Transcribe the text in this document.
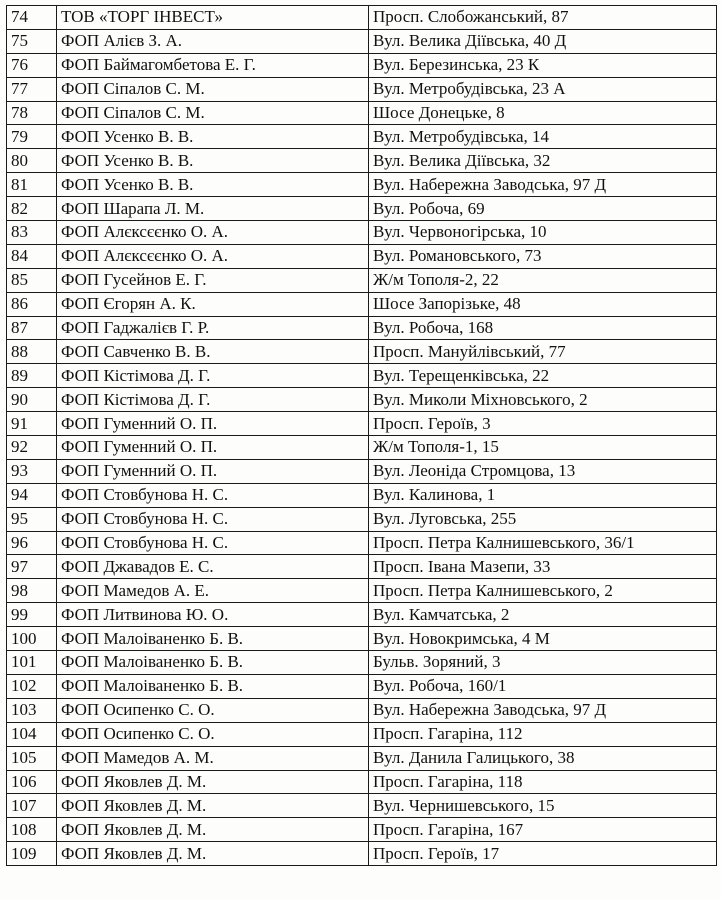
74	ТОВ «ТОРГ ІНВЕСТ»	Просп. Слобожанський, 87
75	ФОП Алієв З. А.	Вул. Велика Діївська, 40 Д
76	ФОП Баймагомбетова Е. Г.	Вул. Березинська, 23 К
77	ФОП Сіпалов С. М.	Вул. Метробудівська, 23 А
78	ФОП Сіпалов С. М.	Шосе Донецьке, 8
79	ФОП Усенко В. В.	Вул. Метробудівська, 14
80	ФОП Усенко В. В.	Вул. Велика Діївська, 32
81	ФОП Усенко В. В.	Вул. Набережна Заводська, 97 Д
82	ФОП Шарапа Л. М.	Вул. Робоча, 69
83	ФОП Алєксєєнко О. А.	Вул. Червоногірська, 10
84	ФОП Алєксєєнко О. А.	Вул. Романовського, 73
85	ФОП Гусейнов Е. Г.	Ж/м Тополя-2, 22
86	ФОП Єгорян А. К.	Шосе Запорізьке, 48
87	ФОП Гаджалієв Г. Р.	Вул. Робоча, 168
88	ФОП Савченко В. В.	Просп. Мануйлівський, 77
89	ФОП Кістімова Д. Г.	Вул. Терещенківська, 22
90	ФОП Кістімова Д. Г.	Вул. Миколи Міхновського, 2
91	ФОП Гуменний О. П.	Просп. Героїв, 3
92	ФОП Гуменний О. П.	Ж/м Тополя-1, 15
93	ФОП Гуменний О. П.	Вул. Леоніда Стромцова, 13
94	ФОП Стовбунова Н. С.	Вул. Калинова, 1
95	ФОП Стовбунова Н. С.	Вул. Луговська, 255
96	ФОП Стовбунова Н. С.	Просп. Петра Калнишевського, 36/1
97	ФОП Джавадов Е. С.	Просп. Івана Мазепи, 33
98	ФОП Мамедов А. Е.	Просп. Петра Калнишевського, 2
99	ФОП Литвинова Ю. О.	Вул. Камчатська, 2
100	ФОП Малоіваненко Б. В.	Вул. Новокримська, 4 М
101	ФОП Малоіваненко Б. В.	Бульв. Зоряний, 3
102	ФОП Малоіваненко Б. В.	Вул. Робоча, 160/1
103	ФОП Осипенко С. О.	Вул. Набережна Заводська, 97 Д
104	ФОП Осипенко С. О.	Просп. Гагаріна, 112
105	ФОП Мамедов А. М.	Вул. Данила Галицького, 38
106	ФОП Яковлев Д. М.	Просп. Гагаріна, 118
107	ФОП Яковлев Д. М.	Вул. Чернишевського, 15
108	ФОП Яковлев Д. М.	Просп. Гагаріна, 167
109	ФОП Яковлев Д. М.	Просп. Героїв, 17
